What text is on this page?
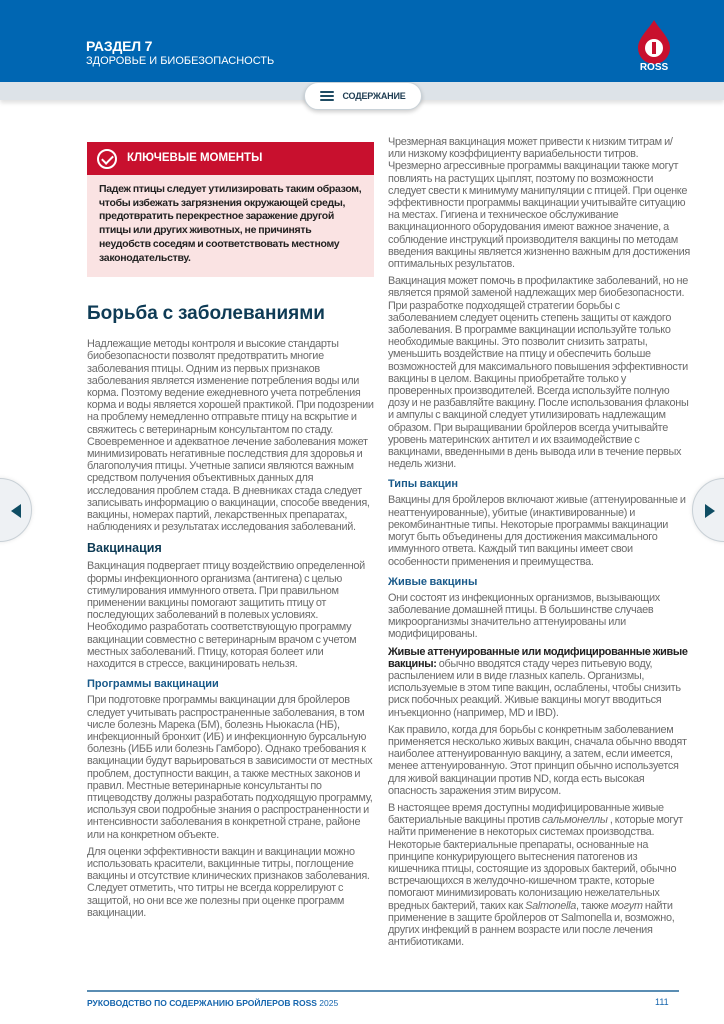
РАЗДЕЛ 7
ЗДОРОВЬЕ И БИОБЕЗОПАСНОСТЬ
ROSS
СОДЕРЖАНИЕ
КЛЮЧЕВЫЕ МОМЕНТЫ
Падеж птицы следует утилизировать таким образом, чтобы избежать загрязнения окружающей среды, предотвратить перекрестное заражение другой птицы или других животных, не причинять неудобств соседям и соответствовать местному законодательству.
Борьба с заболеваниями

Надлежащие методы контроля и высокие стандарты биобезопасности позволят предотвратить многие заболевания птицы. Одним из первых признаков заболевания является изменение потребления воды или корма. Поэтому ведение ежедневного учета потребления корма и воды является хорошей практикой. При подозрении на проблему немедленно отправьте птицу на вскрытие и свяжитесь с ветеринарным консультантом по стаду. Своевременное и адекватное лечение заболевания может минимизировать негативные последствия для здоровья и благополучия птицы. Учетные записи являются важным средством получения объективных данных для исследования проблем стада. В дневниках стада следует записывать информацию о вакцинации, способе введения, вакцины, номерах партий, лекарственных препаратах, наблюдениях и результатах исследования заболеваний.

Вакцинация

Вакцинация подвергает птицу воздействию определенной формы инфекционного организма (антигена) с целью стимулирования иммунного ответа. При правильном применении вакцины помогают защитить птицу от последующих заболеваний в полевых условиях. Необходимо разработать соответствующую программу вакцинации совместно с ветеринарным врачом с учетом местных заболеваний. Птицу, которая болеет или находится в стрессе, вакцинировать нельзя.

Программы вакцинации

При подготовке программы вакцинации для бройлеров следует учитывать распространенные заболевания, в том числе болезнь Марека (БМ), болезнь Ньюкасла (НБ), инфекционный бронхит (ИБ) и инфекционную бурсальную болезнь (ИББ или болезнь Гамборо). Однако требования к вакцинации будут варьироваться в зависимости от местных проблем, доступности вакцин, а также местных законов и правил. Местные ветеринарные консультанты по птицеводству должны разработать подходящую программу, используя свои подробные знания о распространенности и интенсивности заболевания в конкретной стране, районе или на конкретном объекте.

Для оценки эффективности вакцин и вакцинации можно использовать красители, вакцинные титры, поглощение вакцины и отсутствие клинических признаков заболевания. Следует отметить, что титры не всегда коррелируют с защитой, но они все же полезны при оценке программ вакцинации.

Чрезмерная вакцинация может привести к низким титрам и/или низкому коэффициенту вариабельности титров. Чрезмерно агрессивные программы вакцинации также могут повлиять на растущих цыплят, поэтому по возможности следует свести к минимуму манипуляции с птицей. При оценке эффективности программы вакцинации учитывайте ситуацию на местах. Гигиена и техническое обслуживание вакцинационного оборудования имеют важное значение, а соблюдение инструкций производителя вакцины по методам введения вакцины является жизненно важным для достижения оптимальных результатов.

Вакцинация может помочь в профилактике заболеваний, но не является прямой заменой надлежащих мер биобезопасности. При разработке подходящей стратегии борьбы с заболеванием следует оценить степень защиты от каждого заболевания. В программе вакцинации используйте только необходимые вакцины. Это позволит снизить затраты, уменьшить воздействие на птицу и обеспечить больше возможностей для максимального повышения эффективности вакцины в целом. Вакцины приобретайте только у проверенных производителей. Всегда используйте полную дозу и не разбавляйте вакцину. После использования флаконы и ампулы с вакциной следует утилизировать надлежащим образом. При выращивании бройлеров всегда учитывайте уровень материнских антител и их взаимодействие с вакцинами, введенными в день вывода или в течение первых недель жизни.

Типы вакцин

Вакцины для бройлеров включают живые (аттенуированные и неаттенуированные), убитые (инактивированные) и рекомбинантные типы. Некоторые программы вакцинации могут быть объединены для достижения максимального иммунного ответа. Каждый тип вакцины имеет свои особенности применения и преимущества.

Живые вакцины

Они состоят из инфекционных организмов, вызывающих заболевание домашней птицы. В большинстве случаев микроорганизмы значительно аттенуированы или модифицированы.

Живые аттенуированные или модифицированные живые вакцины: обычно вводятся стаду через питьевую воду, распылением или в виде глазных капель. Организмы, используемые в этом типе вакцин, ослаблены, чтобы снизить риск побочных реакций. Живые вакцины могут вводиться инъекционно (например, MD и IBD).

Как правило, когда для борьбы с конкретным заболеванием применяется несколько живых вакцин, сначала обычно вводят наиболее аттенуированную вакцину, а затем, если имеется, менее аттенуированную. Этот принцип обычно используется для живой вакцинации против ND, когда есть высокая опасность заражения этим вирусом.

В настоящее время доступны модифицированные живые бактериальные вакцины против сальмонеллы , которые могут найти применение в некоторых системах производства. Некоторые бактериальные препараты, основанные на принципе конкурирующего вытеснения патогенов из кишечника птицы, состоящие из здоровых бактерий, обычно встречающихся в желудочно-кишечном тракте, которые помогают минимизировать колонизацию нежелательных вредных бактерий, таких как Salmonella, также могут найти применение в защите бройлеров от Salmonella и, возможно, других инфекций в раннем возрасте или после лечения антибиотиками.

РУКОВОДСТВО ПО СОДЕРЖАНИЮ БРОЙЛЕРОВ ROSS 2025	111
